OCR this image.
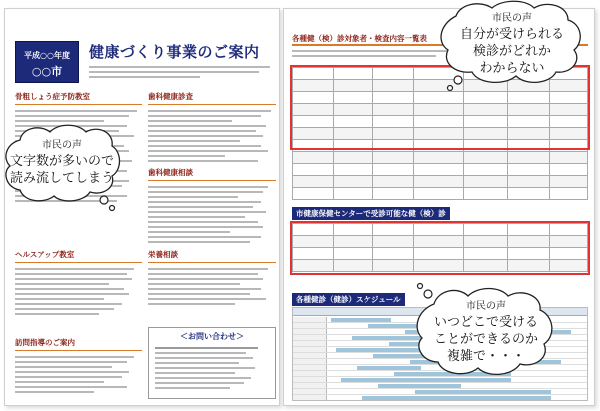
平成○○年度
○○市
健康づくり事業のご案内
骨粗しょう症予防教室	歯科健康診査
歯科健康相談
ヘルスアップ教室	栄養相談
訪問指導のご案内
＜お問い合わせ＞
各種健（検）診対象者・検査内容一覧表

市健康保健センターで受診可能な健（検）診

各種健診（健診）スケジュール
市民の声
文字数が多いので
読み流してしまう
市民の声
自分が受けられる
検診がどれか
わからない
市民の声
いつどこで受ける
ことができるのか
複雑で・・・
